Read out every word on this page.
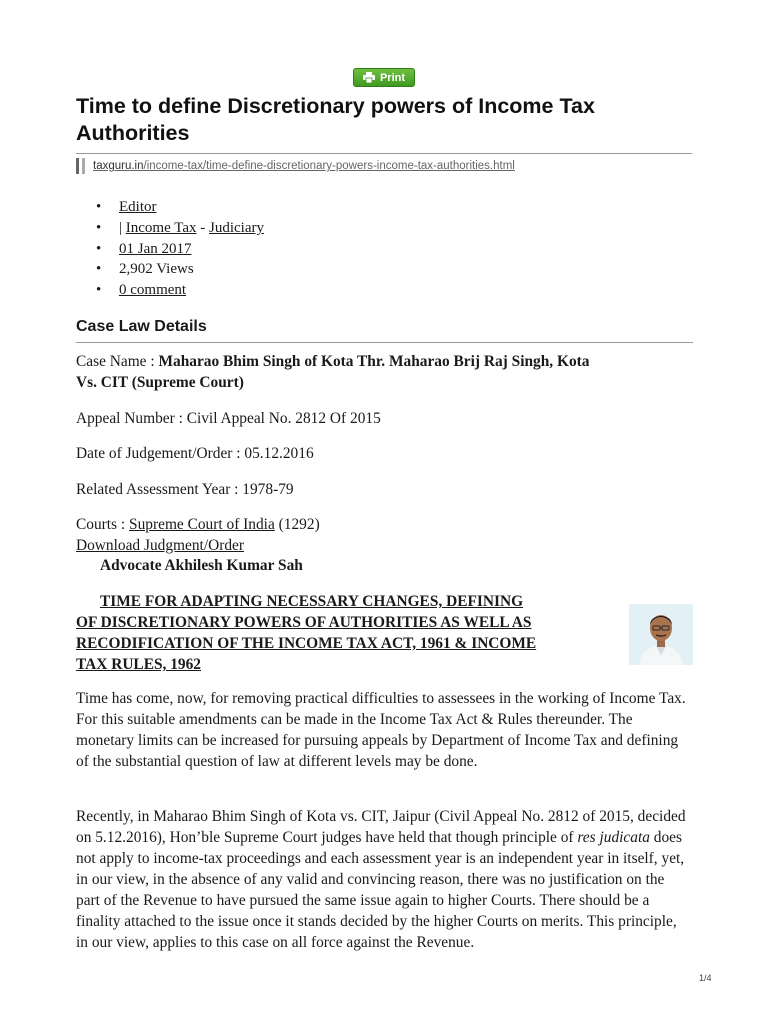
Print
Time to define Discretionary powers of Income Tax Authorities
taxguru.in/income-tax/time-define-discretionary-powers-income-tax-authorities.html
• Editor
• | Income Tax - Judiciary
• 01 Jan 2017
• 2,902 Views
• 0 comment
Case Law Details
Case Name : Maharao Bhim Singh of Kota Thr. Maharao Brij Raj Singh, Kota
Vs. CIT (Supreme Court)
Appeal Number : Civil Appeal No. 2812 Of 2015
Date of Judgement/Order : 05.12.2016
Related Assessment Year : 1978-79
Courts : Supreme Court of India (1292)
Download Judgment/Order
Advocate Akhilesh Kumar Sah
TIME FOR ADAPTING NECESSARY CHANGES, DEFINING
OF DISCRETIONARY POWERS OF AUTHORITIES AS WELL AS
RECODIFICATION OF THE INCOME TAX ACT, 1961 & INCOME
TAX RULES, 1962
Time has come, now, for removing practical difficulties to assessees in the working of Income Tax. For this suitable amendments can be made in the Income Tax Act & Rules thereunder. The monetary limits can be increased for pursuing appeals by Department of Income Tax and defining of the substantial question of law at different levels may be done.
Recently, in Maharao Bhim Singh of Kota vs. CIT, Jaipur (Civil Appeal No. 2812 of 2015, decided on 5.12.2016), Hon’ble Supreme Court judges have held that though principle of res judicata does not apply to income-tax proceedings and each assessment year is an independent year in itself, yet, in our view, in the absence of any valid and convincing reason, there was no justification on the part of the Revenue to have pursued the same issue again to higher Courts. There should be a finality attached to the issue once it stands decided by the higher Courts on merits. This principle, in our view, applies to this case on all force against the Revenue.
1/4
